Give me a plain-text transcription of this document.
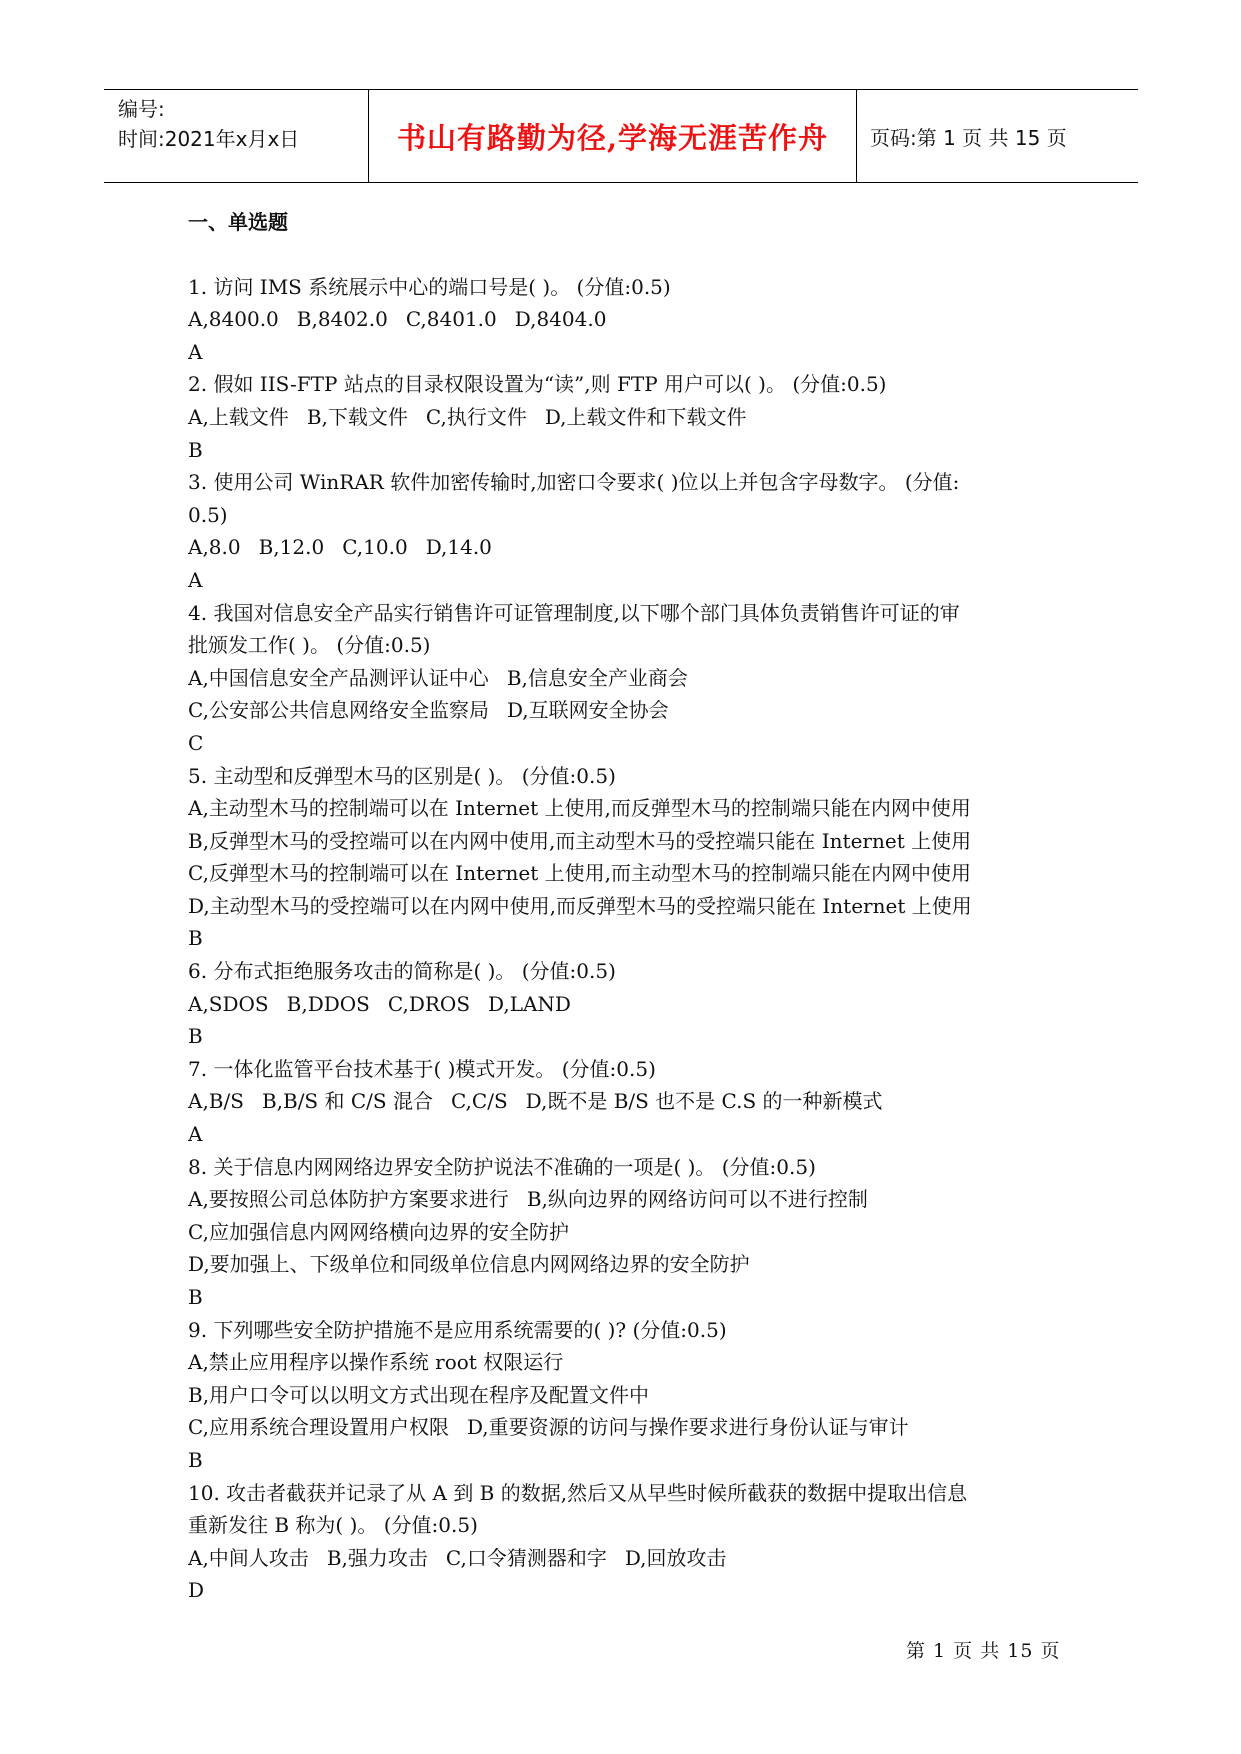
编号:
时间:2021年x月x日	书山有路勤为径,学海无涯苦作舟	页码:第 1 页 共 15 页
一、单选题
1. 访问 IMS 系统展示中心的端口号是( )。 (分值:0.5)
A,8400.0 B,8402.0 C,8401.0 D,8404.0
A
2. 假如 IIS-FTP 站点的目录权限设置为“读”,则 FTP 用户可以( )。 (分值:0.5)
A,上载文件 B,下载文件 C,执行文件 D,上载文件和下载文件
B
3. 使用公司 WinRAR 软件加密传输时,加密口令要求( )位以上并包含字母数字。 (分值:
0.5)
A,8.0 B,12.0 C,10.0 D,14.0
A
4. 我国对信息安全产品实行销售许可证管理制度,以下哪个部门具体负责销售许可证的审
批颁发工作( )。 (分值:0.5)
A,中国信息安全产品测评认证中心 B,信息安全产业商会
C,公安部公共信息网络安全监察局 D,互联网安全协会
C
5. 主动型和反弹型木马的区别是( )。 (分值:0.5)
A,主动型木马的控制端可以在 Internet 上使用,而反弹型木马的控制端只能在内网中使用
B,反弹型木马的受控端可以在内网中使用,而主动型木马的受控端只能在 Internet 上使用
C,反弹型木马的控制端可以在 Internet 上使用,而主动型木马的控制端只能在内网中使用
D,主动型木马的受控端可以在内网中使用,而反弹型木马的受控端只能在 Internet 上使用
B
6. 分布式拒绝服务攻击的简称是( )。 (分值:0.5)
A,SDOS B,DDOS C,DROS D,LAND
B
7. 一体化监管平台技术基于( )模式开发。 (分值:0.5)
A,B/S B,B/S 和 C/S 混合 C,C/S D,既不是 B/S 也不是 C.S 的一种新模式
A
8. 关于信息内网网络边界安全防护说法不准确的一项是( )。 (分值:0.5)
A,要按照公司总体防护方案要求进行 B,纵向边界的网络访问可以不进行控制
C,应加强信息内网网络横向边界的安全防护
D,要加强上、下级单位和同级单位信息内网网络边界的安全防护
B
9. 下列哪些安全防护措施不是应用系统需要的( )? (分值:0.5)
A,禁止应用程序以操作系统 root 权限运行
B,用户口令可以以明文方式出现在程序及配置文件中
C,应用系统合理设置用户权限 D,重要资源的访问与操作要求进行身份认证与审计
B
10. 攻击者截获并记录了从 A 到 B 的数据,然后又从早些时候所截获的数据中提取出信息
重新发往 B 称为( )。 (分值:0.5)
A,中间人攻击 B,强力攻击 C,口令猜测器和字 D,回放攻击
D
第 1 页 共 15 页
